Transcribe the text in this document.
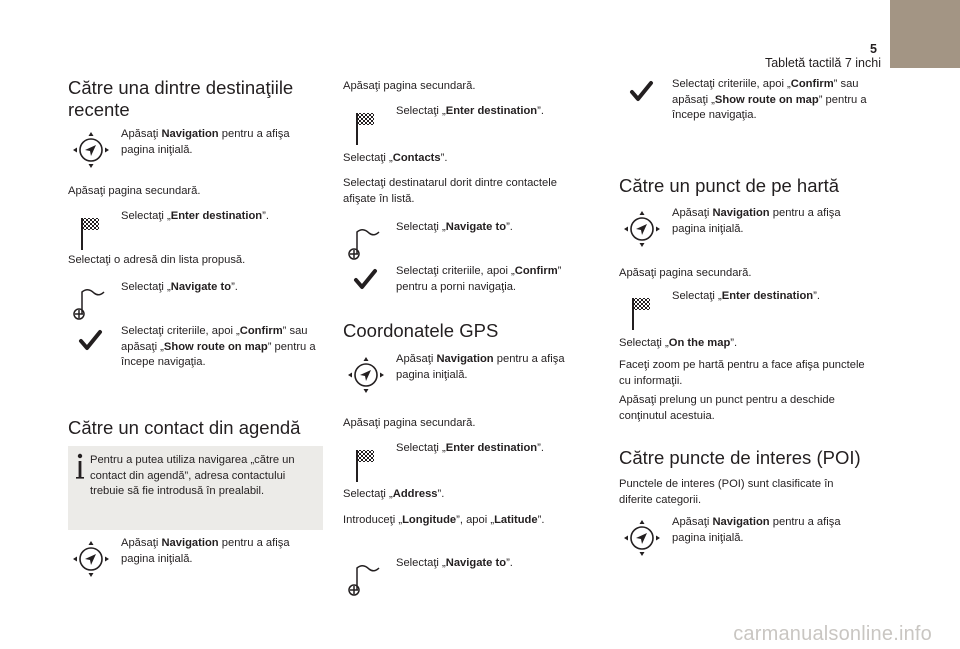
5
Tabletă tactilă 7 inchi
Către una dintre destinaţiile recente
Apăsaţi Navigation pentru a afişa pagina iniţială.
Apăsaţi pagina secundară.
Selectaţi „Enter destination”.
Selectaţi o adresă din lista propusă.
Selectaţi „Navigate to”.
Selectaţi criteriile, apoi „Confirm” sau apăsaţi „Show route on map” pentru a începe navigaţia.
Către un contact din agendă
Pentru a putea utiliza navigarea „către un contact din agendă”, adresa contactului trebuie să fie introdusă în prealabil.
Apăsaţi Navigation pentru a afişa pagina iniţială.
Apăsaţi pagina secundară.
Selectaţi „Enter destination”.
Selectaţi „Contacts”.
Selectaţi destinatarul dorit dintre contactele afişate în listă.
Selectaţi „Navigate to”.
Selectaţi criteriile, apoi „Confirm” pentru a porni navigaţia.
Coordonatele GPS
Apăsaţi Navigation pentru a afişa pagina iniţială.
Apăsaţi pagina secundară.
Selectaţi „Enter destination”.
Selectaţi „Address”.
Introduceţi „Longitude”, apoi „Latitude”.
Selectaţi „Navigate to”.
Selectaţi criteriile, apoi „Confirm” sau apăsaţi „Show route on map” pentru a începe navigaţia.
Către un punct de pe hartă
Apăsaţi Navigation pentru a afişa pagina iniţială.
Apăsaţi pagina secundară.
Selectaţi „Enter destination”.
Selectaţi „On the map”.
Faceţi zoom pe hartă pentru a face afişa punctele cu informaţii.
Apăsaţi prelung un punct pentru a deschide conţinutul acestuia.
Către puncte de interes (POI)
Punctele de interes (POI) sunt clasificate în diferite categorii.
Apăsaţi Navigation pentru a afişa pagina iniţială.
carmanualsonline.info
